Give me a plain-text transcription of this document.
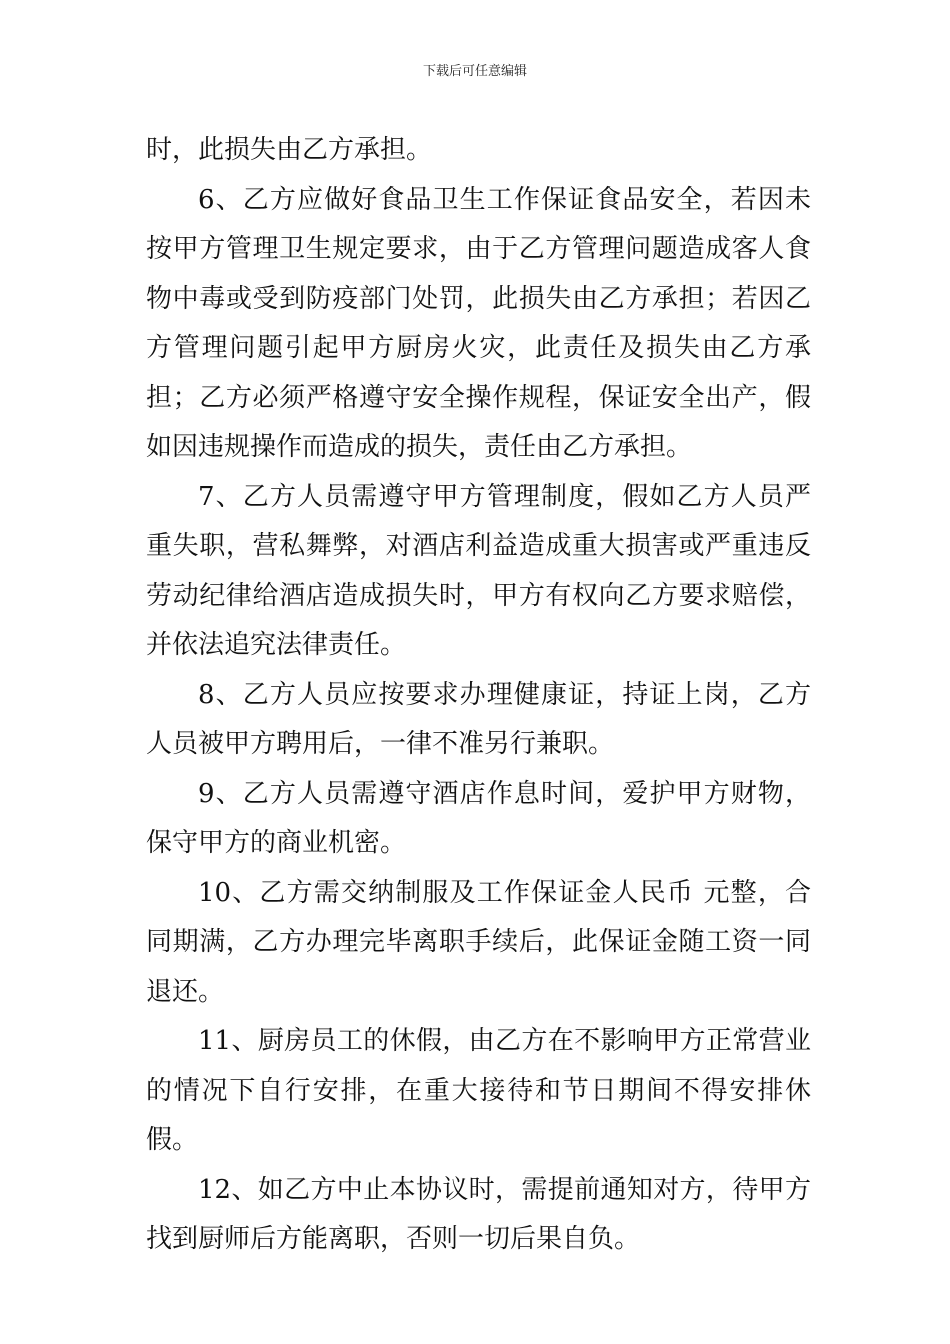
下载后可任意编辑

时，此损失由乙方承担。

6、乙方应做好食品卫生工作保证食品安全，若因未按甲方管理卫生规定要求，由于乙方管理问题造成客人食物中毒或受到防疫部门处罚，此损失由乙方承担；若因乙方管理问题引起甲方厨房火灾，此责任及损失由乙方承担；乙方必须严格遵守安全操作规程，保证安全出产，假如因违规操作而造成的损失，责任由乙方承担。

7、乙方人员需遵守甲方管理制度，假如乙方人员严重失职，营私舞弊，对酒店利益造成重大损害或严重违反劳动纪律给酒店造成损失时，甲方有权向乙方要求赔偿，并依法追究法律责任。

8、乙方人员应按要求办理健康证，持证上岗，乙方人员被甲方聘用后，一律不准另行兼职。

9、乙方人员需遵守酒店作息时间，爱护甲方财物，保守甲方的商业机密。

10、乙方需交纳制服及工作保证金人民币 元整，合同期满，乙方办理完毕离职手续后，此保证金随工资一同退还。

11、厨房员工的休假，由乙方在不影响甲方正常营业的情况下自行安排，在重大接待和节日期间不得安排休假。

12、如乙方中止本协议时，需提前通知对方，待甲方找到厨师后方能离职，否则一切后果自负。
